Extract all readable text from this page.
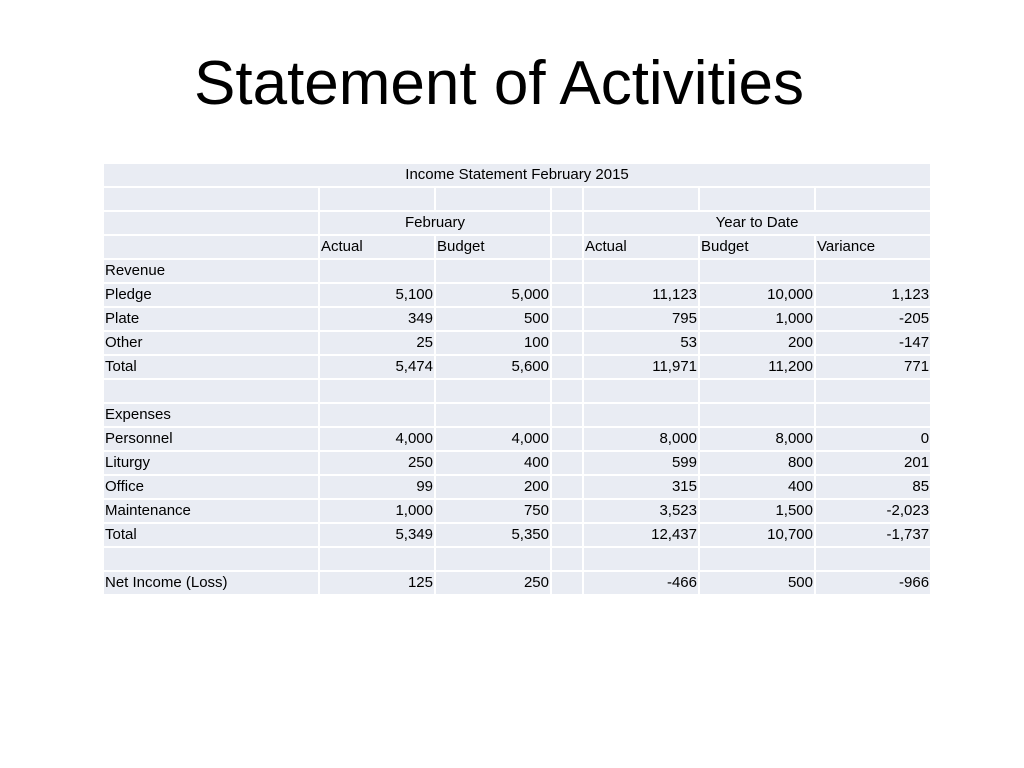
Statement of Activities
Income Statement February 2015						

	February			Year to Date		
	Actual	Budget		Actual	Budget	Variance
Revenue						
Pledge	5,100	5,000		11,123	10,000	1,123
Plate	349	500		795	1,000	-205
Other	25	100		53	200	-147
Total	5,474	5,600		11,971	11,200	771

Expenses						
Personnel	4,000	4,000		8,000	8,000	0
Liturgy	250	400		599	800	201
Office	99	200		315	400	85
Maintenance	1,000	750		3,523	1,500	-2,023
Total	5,349	5,350		12,437	10,700	-1,737

Net Income (Loss)	125	250		-466	500	-966
